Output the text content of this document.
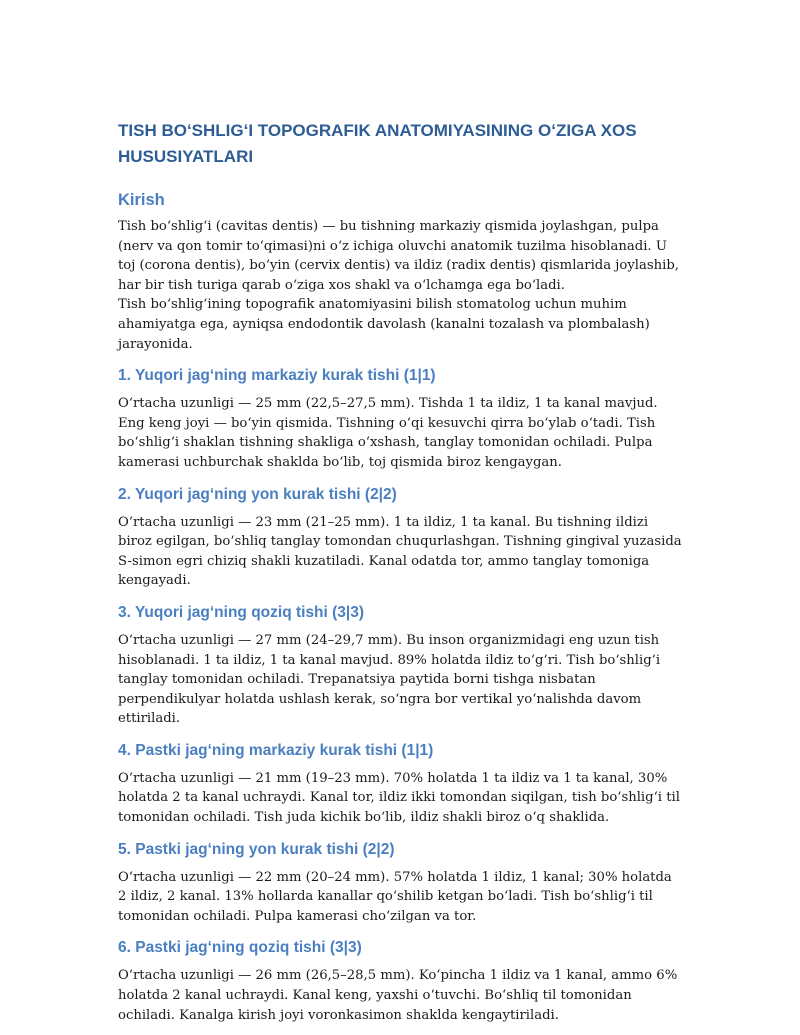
TISH BOʻSHLIGʻI TOPOGRAFIK ANATOMIYASINING OʻZIGA XOS HUSUSIYATLARI
Kirish

Tish boʻshligʻi (cavitas dentis) — bu tishning markaziy qismida joylashgan, pulpa (nerv va qon tomir toʻqimasi)ni oʻz ichiga oluvchi anatomik tuzilma hisoblanadi. U toj (corona dentis), boʻyin (cervix dentis) va ildiz (radix dentis) qismlarida joylashib, har bir tish turiga qarab oʻziga xos shakl va oʻlchamga ega boʻladi.

Tish boʻshligʻining topografik anatomiyasini bilish stomatolog uchun muhim ahamiyatga ega, ayniqsa endodontik davolash (kanalni tozalash va plombalash) jarayonida.

1. Yuqori jagʻning markaziy kurak tishi (1|1)

Oʻrtacha uzunligi — 25 mm (22,5–27,5 mm). Tishda 1 ta ildiz, 1 ta kanal mavjud. Eng keng joyi — boʻyin qismida. Tishning oʻqi kesuvchi qirra boʻylab oʻtadi. Tish boʻshligʻi shaklan tishning shakliga oʻxshash, tanglay tomonidan ochiladi. Pulpa kamerasi uchburchak shaklda boʻlib, toj qismida biroz kengaygan.

2. Yuqori jagʻning yon kurak tishi (2|2)

Oʻrtacha uzunligi — 23 mm (21–25 mm). 1 ta ildiz, 1 ta kanal. Bu tishning ildizi biroz egilgan, boʻshliq tanglay tomondan chuqurlashgan. Tishning gingival yuzasida S-simon egri chiziq shakli kuzatiladi. Kanal odatda tor, ammo tanglay tomoniga kengayadi.

3. Yuqori jagʻning qoziq tishi (3|3)

Oʻrtacha uzunligi — 27 mm (24–29,7 mm). Bu inson organizmidagi eng uzun tish hisoblanadi. 1 ta ildiz, 1 ta kanal mavjud. 89% holatda ildiz toʻgʻri. Tish boʻshligʻi tanglay tomonidan ochiladi. Trepanatsiya paytida borni tishga nisbatan perpendikulyar holatda ushlash kerak, soʻngra bor vertikal yoʻnalishda davom ettiriladi.

4. Pastki jagʻning markaziy kurak tishi (1|1)

Oʻrtacha uzunligi — 21 mm (19–23 mm). 70% holatda 1 ta ildiz va 1 ta kanal, 30% holatda 2 ta kanal uchraydi. Kanal tor, ildiz ikki tomondan siqilgan, tish boʻshligʻi til tomonidan ochiladi. Tish juda kichik boʻlib, ildiz shakli biroz oʻq shaklida.

5. Pastki jagʻning yon kurak tishi (2|2)

Oʻrtacha uzunligi — 22 mm (20–24 mm). 57% holatda 1 ildiz, 1 kanal; 30% holatda 2 ildiz, 2 kanal. 13% hollarda kanallar qoʻshilib ketgan boʻladi. Tish boʻshligʻi til tomonidan ochiladi. Pulpa kamerasi choʻzilgan va tor.

6. Pastki jagʻning qoziq tishi (3|3)

Oʻrtacha uzunligi — 26 mm (26,5–28,5 mm). Koʻpincha 1 ildiz va 1 kanal, ammo 6% holatda 2 kanal uchraydi. Kanal keng, yaxshi oʻtuvchi. Boʻshliq til tomonidan ochiladi. Kanalga kirish joyi voronkasimon shaklda kengaytiriladi.
